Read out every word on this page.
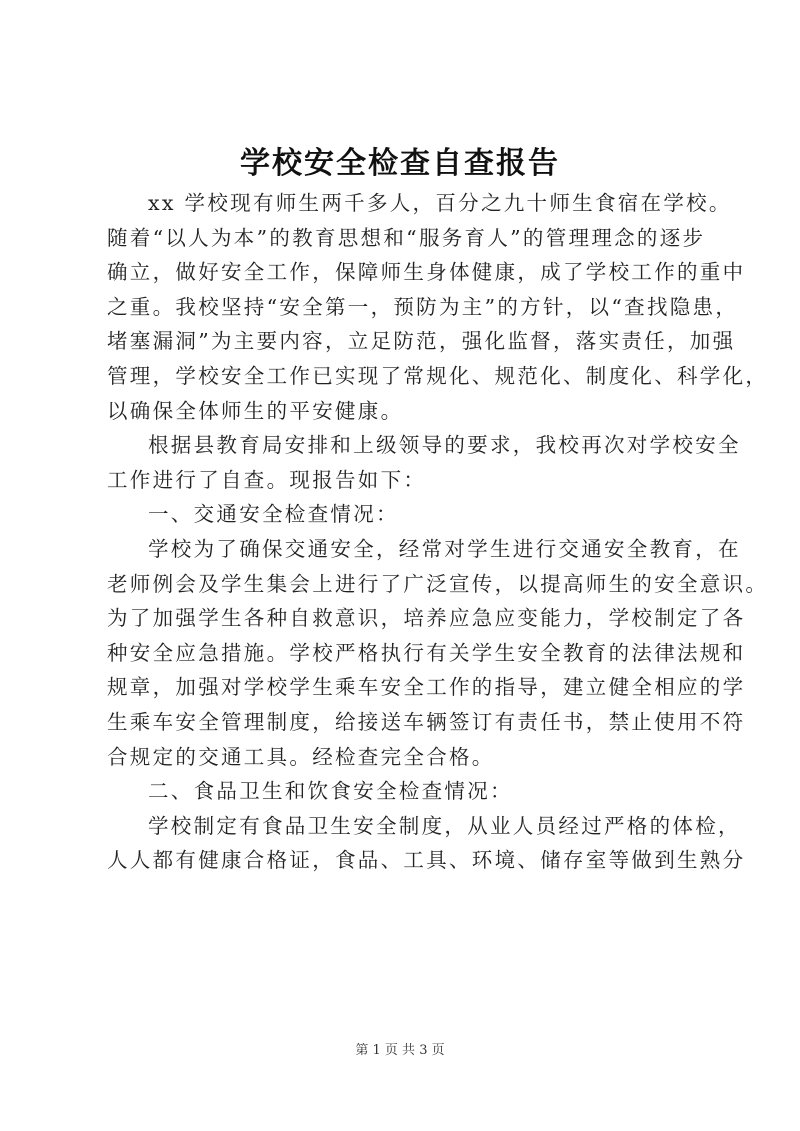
学校安全检查自查报告
xx 学校现有师生两千多人，百分之九十师生食宿在学校。
随着“以人为本”的教育思想和“服务育人”的管理理念的逐步
确立，做好安全工作，保障师生身体健康，成了学校工作的重中
之重。我校坚持“安全第一，预防为主”的方针，以“查找隐患，
堵塞漏洞”为主要内容，立足防范，强化监督，落实责任，加强
管理，学校安全工作已实现了常规化、规范化、制度化、科学化，
以确保全体师生的平安健康。
根据县教育局安排和上级领导的要求，我校再次对学校安全
工作进行了自查。现报告如下：
一、交通安全检查情况：
学校为了确保交通安全，经常对学生进行交通安全教育，在
老师例会及学生集会上进行了广泛宣传，以提高师生的安全意识。
为了加强学生各种自救意识，培养应急应变能力，学校制定了各
种安全应急措施。学校严格执行有关学生安全教育的法律法规和
规章，加强对学校学生乘车安全工作的指导，建立健全相应的学
生乘车安全管理制度，给接送车辆签订有责任书，禁止使用不符
合规定的交通工具。经检查完全合格。
二、食品卫生和饮食安全检查情况：
学校制定有食品卫生安全制度，从业人员经过严格的体检，
人人都有健康合格证，食品、工具、环境、储存室等做到生熟分
第 1 页 共 3 页
